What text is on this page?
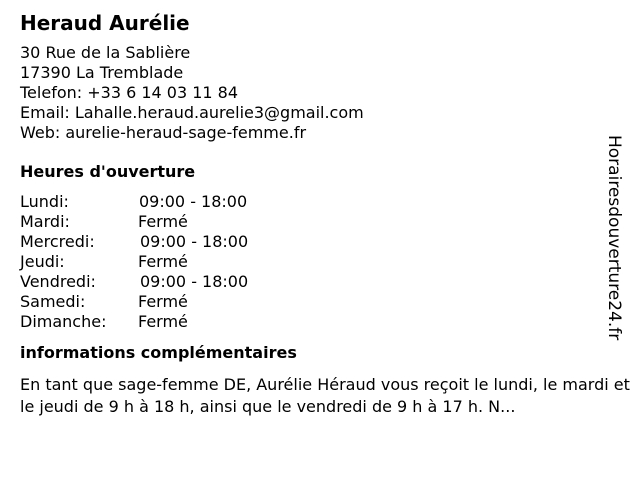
Heraud Aurélie
30 Rue de la Sablière
17390 La Tremblade
Telefon: +33 6 14 03 11 84
Email: Lahalle.heraud.aurelie3@gmail.com
Web: aurelie-heraud-sage-femme.fr
Heures d'ouverture
Lundi:	09:00 - 18:00
Mardi:	Fermé
Mercredi:	09:00 - 18:00
Jeudi:	Fermé
Vendredi:	09:00 - 18:00
Samedi:	Fermé
Dimanche:	Fermé
informations complémentaires
En tant que sage-femme DE, Aurélie Héraud vous reçoit le lundi, le mardi et le jeudi de 9 h à 18 h, ainsi que le vendredi de 9 h à 17 h. N...
Horairesdouverture24.fr
